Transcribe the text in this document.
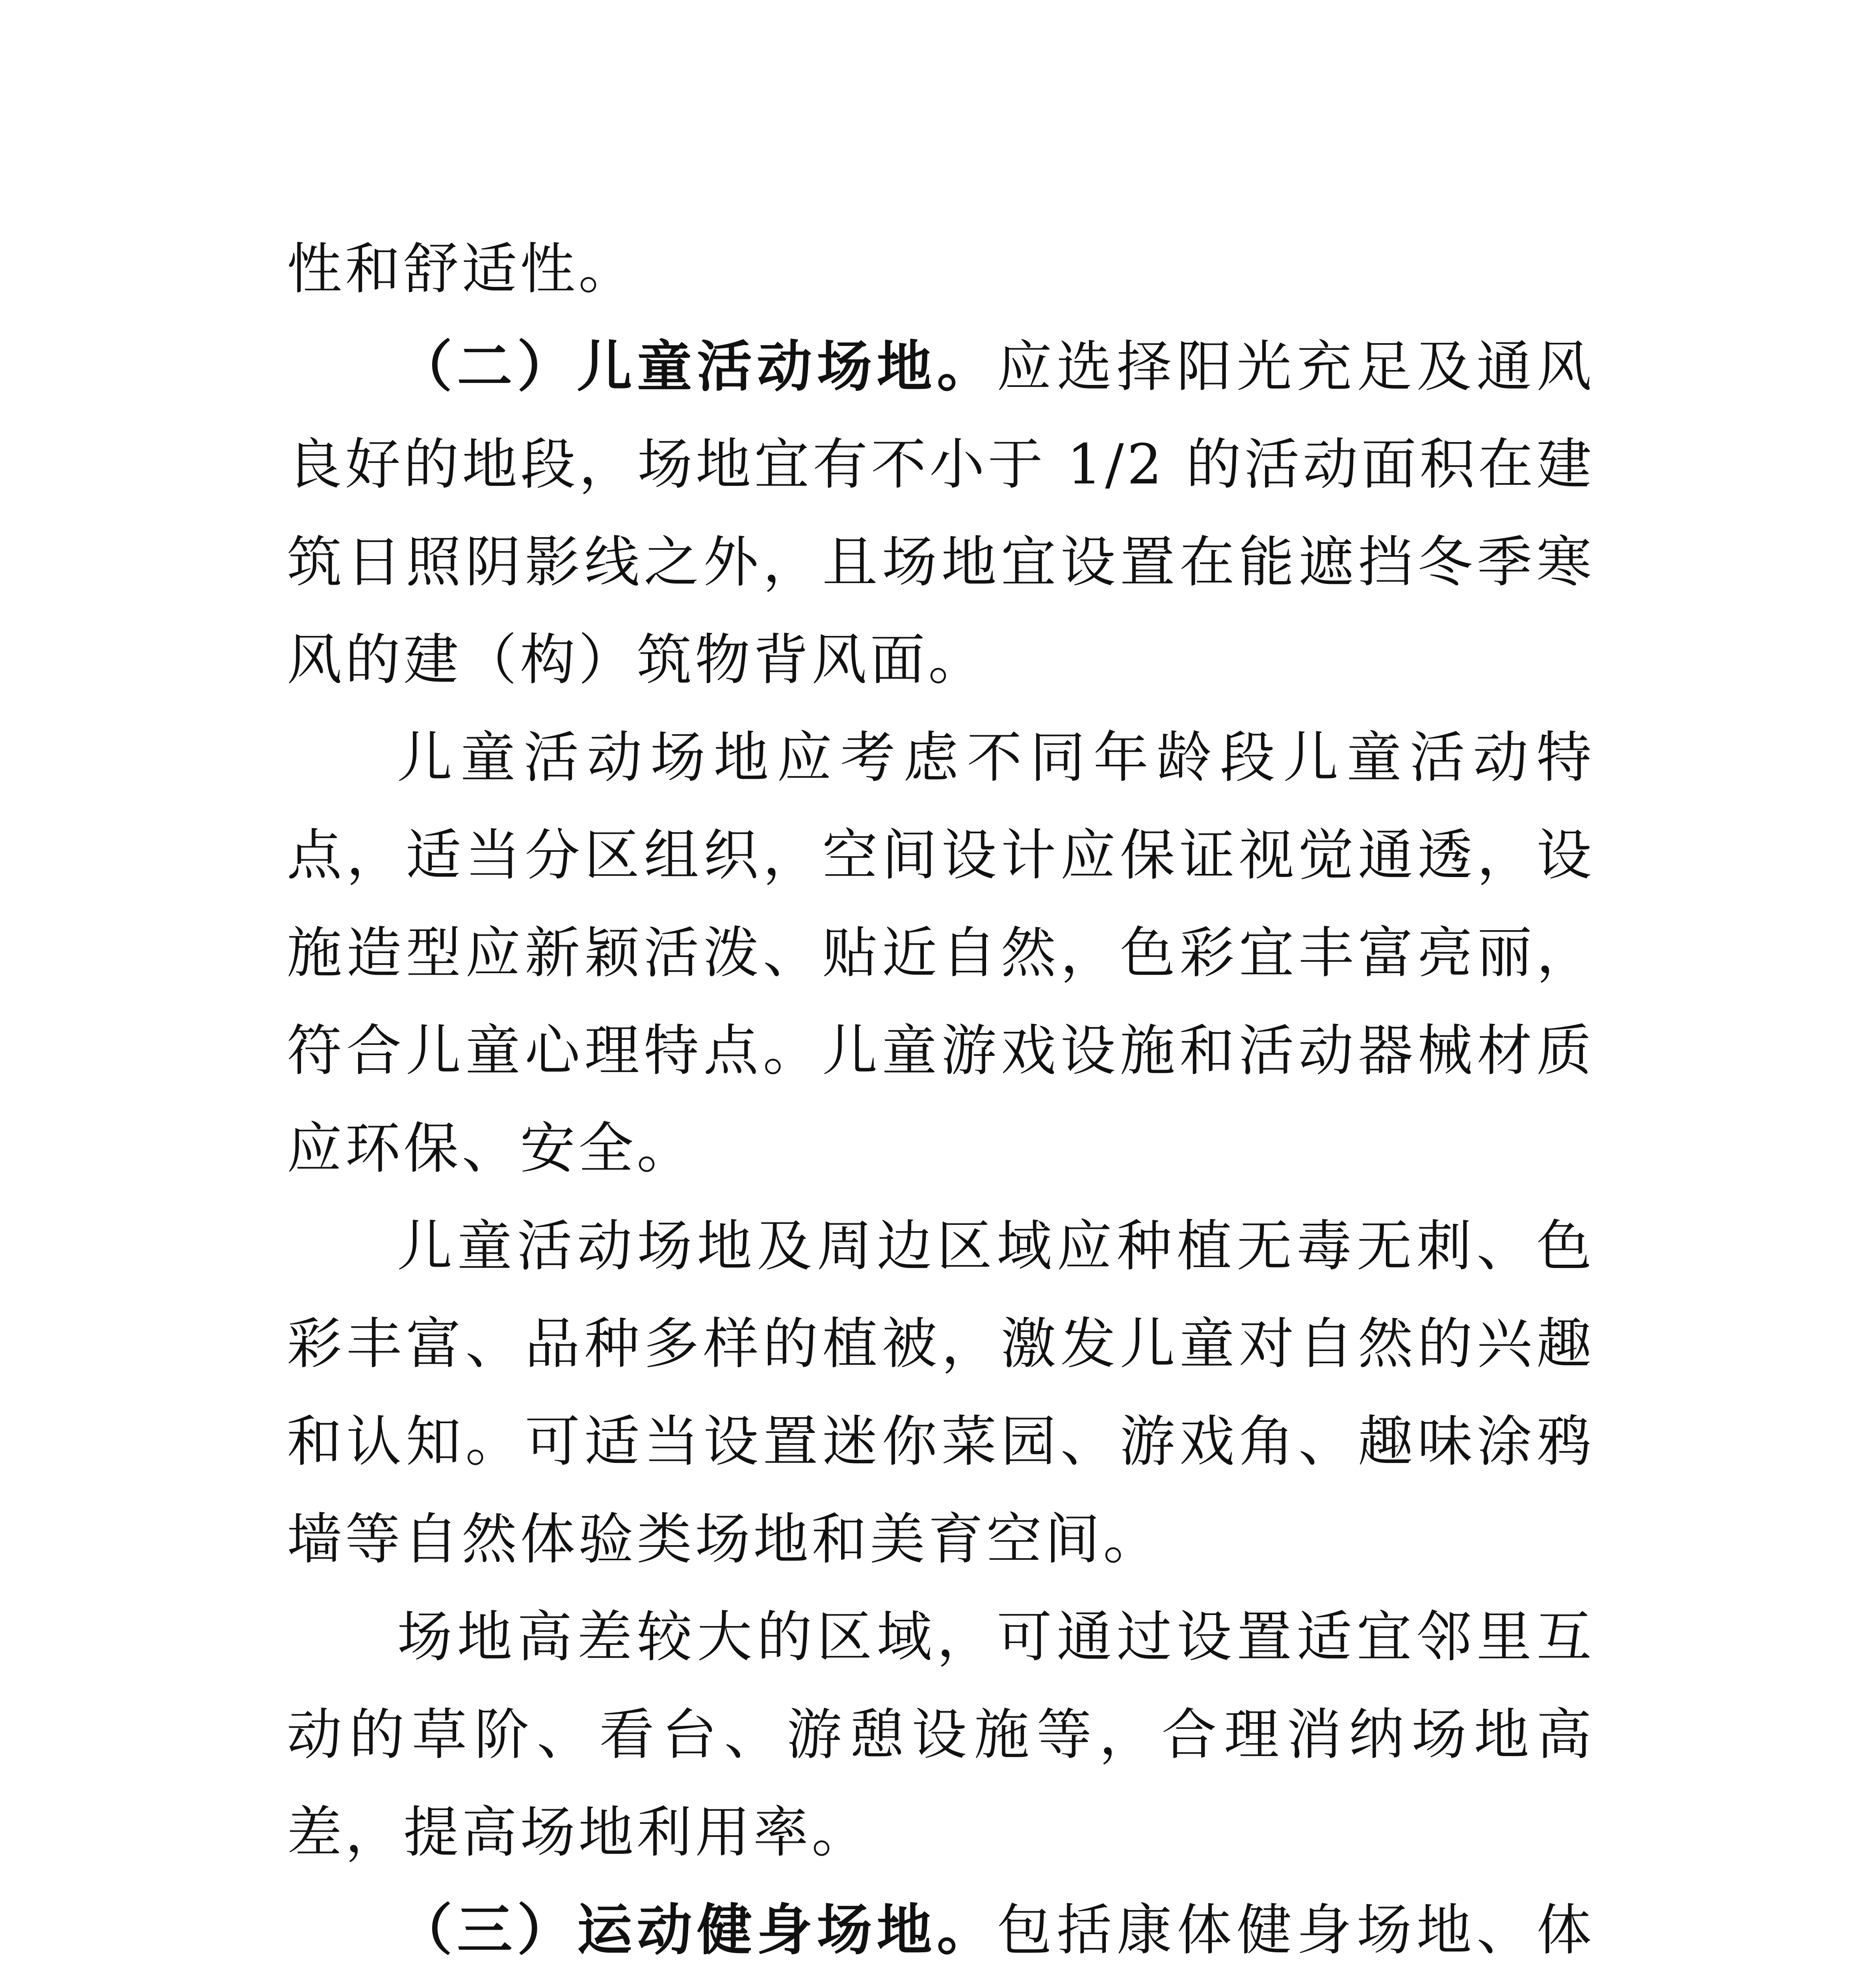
性和舒适性。

（二）儿童活动场地。应选择阳光充足及通风良好的地段，场地宜有不小于 1/2 的活动面积在建筑日照阴影线之外，且场地宜设置在能遮挡冬季寒风的建（构）筑物背风面。

儿童活动场地应考虑不同年龄段儿童活动特点，适当分区组织，空间设计应保证视觉通透，设施造型应新颖活泼、贴近自然，色彩宜丰富亮丽，符合儿童心理特点。儿童游戏设施和活动器械材质应环保、安全。

儿童活动场地及周边区域应种植无毒无刺、色彩丰富、品种多样的植被，激发儿童对自然的兴趣和认知。可适当设置迷你菜园、游戏角、趣味涂鸦墙等自然体验类场地和美育空间。

场地高差较大的区域，可通过设置适宜邻里互动的草阶、看台、游憩设施等，合理消纳场地高差，提高场地利用率。

（三）运动健身场地。包括康体健身场地、体
